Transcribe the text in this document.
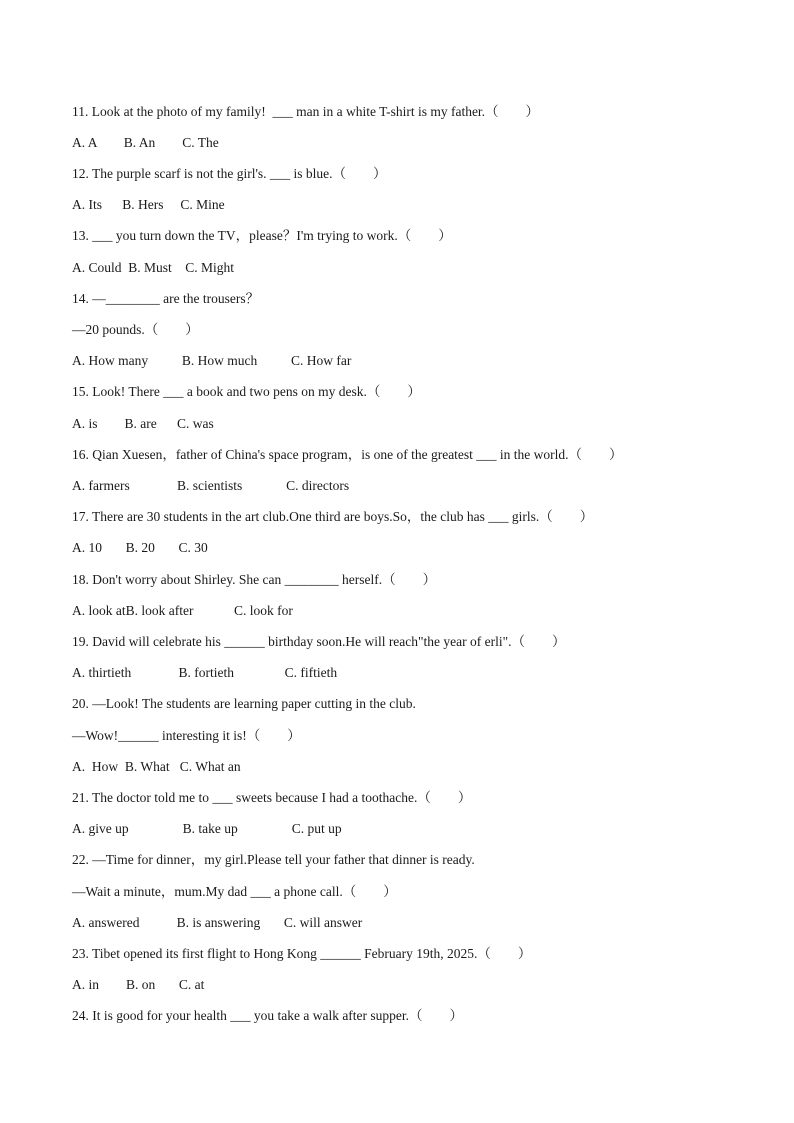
11. Look at the photo of my family!  ___ man in a white T-shirt is my father.（　　）
A. A        B. An        C. The
12. The purple scarf is not the girl's. ___ is blue.（　　）
A. Its      B. Hers     C. Mine
13. ___ you turn down the TV，please？I'm trying to work.（　　）
A. Could  B. Must    C. Might
14. —________ are the trousers？
—20 pounds.（　　）
A. How many          B. How much          C. How far
15. Look! There ___ a book and two pens on my desk.（　　）
A. is        B. are      C. was
16. Qian Xuesen，father of China's space program，is one of the greatest ___ in the world.（　　）
A. farmers              B. scientists             C. directors
17. There are 30 students in the art club.One third are boys.So，the club has ___ girls.（　　）
A. 10       B. 20       C. 30
18. Don't worry about Shirley. She can ________ herself.（　　）
A. look atB. look after            C. look for
19. David will celebrate his ______ birthday soon.He will reach"the year of erli".（　　）
A. thirtieth              B. fortieth               C. fiftieth
20. —Look! The students are learning paper cutting in the club.
—Wow!______ interesting it is!（　　）
A.  How  B. What   C. What an
21. The doctor told me to ___ sweets because I had a toothache.（　　）
A. give up                B. take up                C. put up
22. —Time for dinner，my girl.Please tell your father that dinner is ready.
—Wait a minute，mum.My dad ___ a phone call.（　　）
A. answered           B. is answering       C. will answer
23. Tibet opened its first flight to Hong Kong ______ February 19th, 2025.（　　）
A. in        B. on       C. at
24. It is good for your health ___ you take a walk after supper.（　　）
